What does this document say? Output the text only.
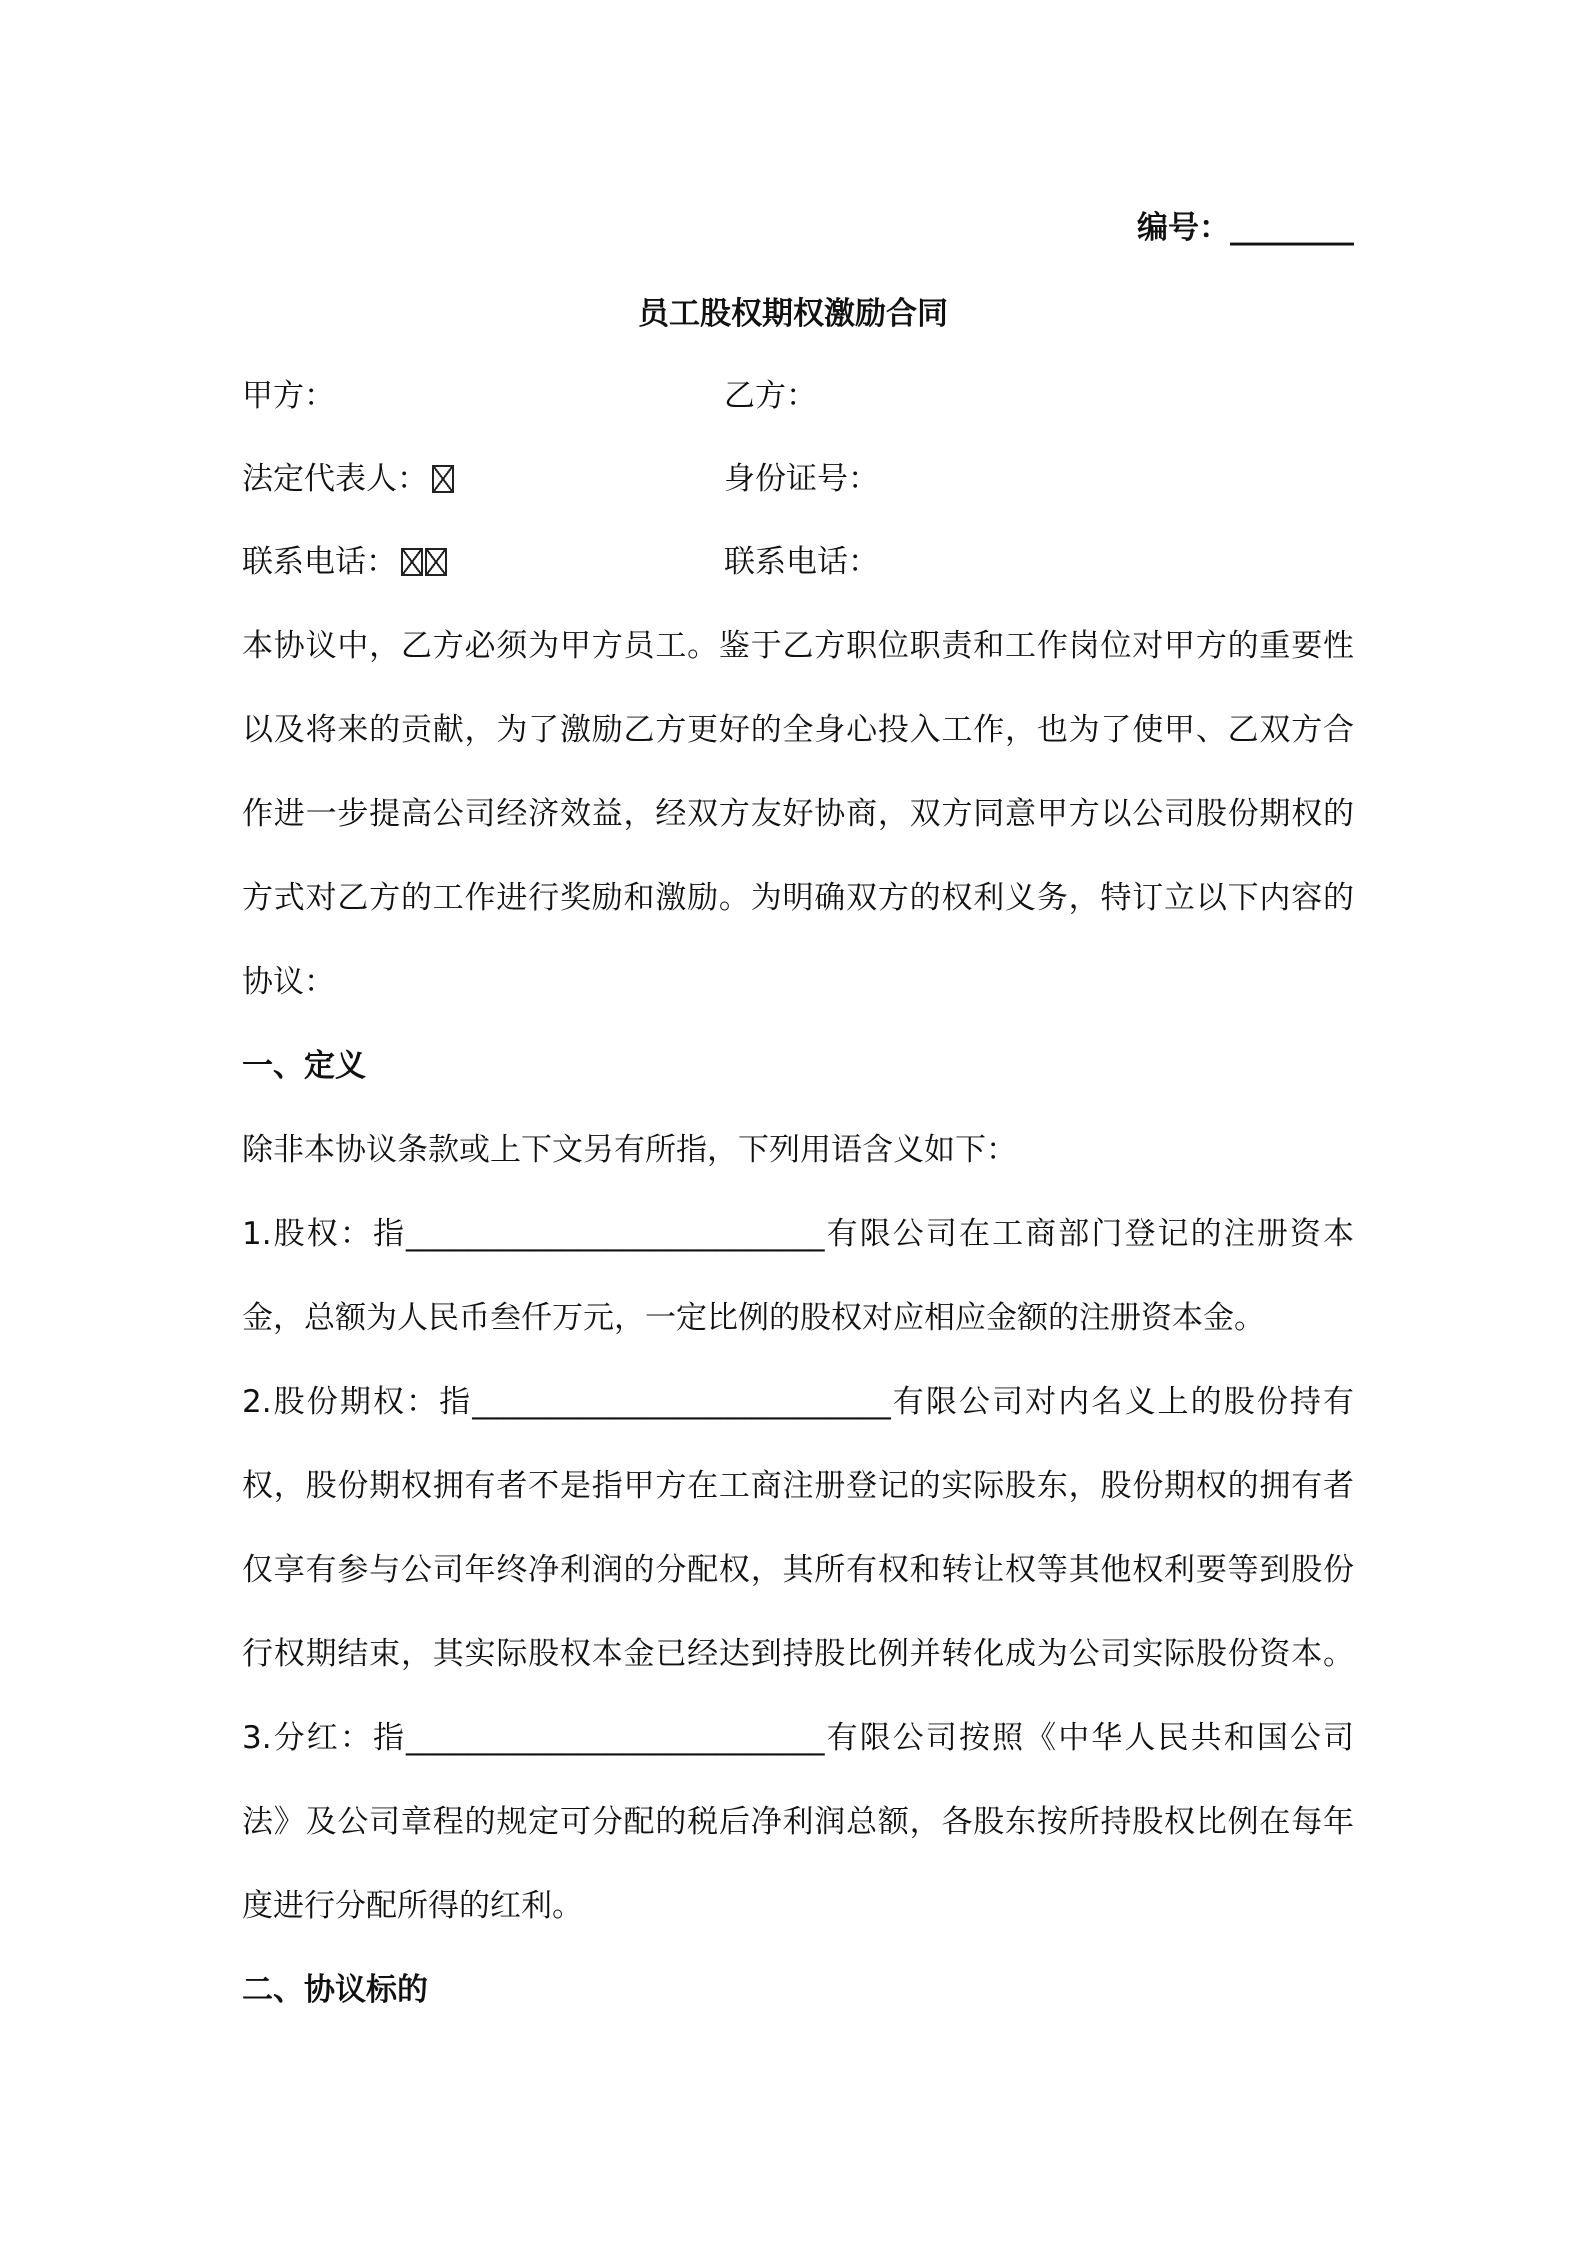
编号：________
员工股权期权激励合同
甲方：	乙方：
法定代表人：	身份证号：
联系电话：	联系电话：
本协议中，乙方必须为甲方员工。鉴于乙方职位职责和工作岗位对甲方的重要性
以及将来的贡献，为了激励乙方更好的全身心投入工作，也为了使甲、乙双方合
作进一步提高公司经济效益，经双方友好协商，双方同意甲方以公司股份期权的
方式对乙方的工作进行奖励和激励。为明确双方的权利义务，特订立以下内容的
协议：
一、定义
除非本协议条款或上下文另有所指，下列用语含义如下：
1.股权：指___________________________有限公司在工商部门登记的注册资本
金，总额为人民币叁仟万元，一定比例的股权对应相应金额的注册资本金。
2.股份期权：指___________________________有限公司对内名义上的股份持有
权，股份期权拥有者不是指甲方在工商注册登记的实际股东，股份期权的拥有者
仅享有参与公司年终净利润的分配权，其所有权和转让权等其他权利要等到股份
行权期结束，其实际股权本金已经达到持股比例并转化成为公司实际股份资本。
3.分红：指___________________________有限公司按照《中华人民共和国公司
法》及公司章程的规定可分配的税后净利润总额，各股东按所持股权比例在每年
度进行分配所得的红利。
二、协议标的
